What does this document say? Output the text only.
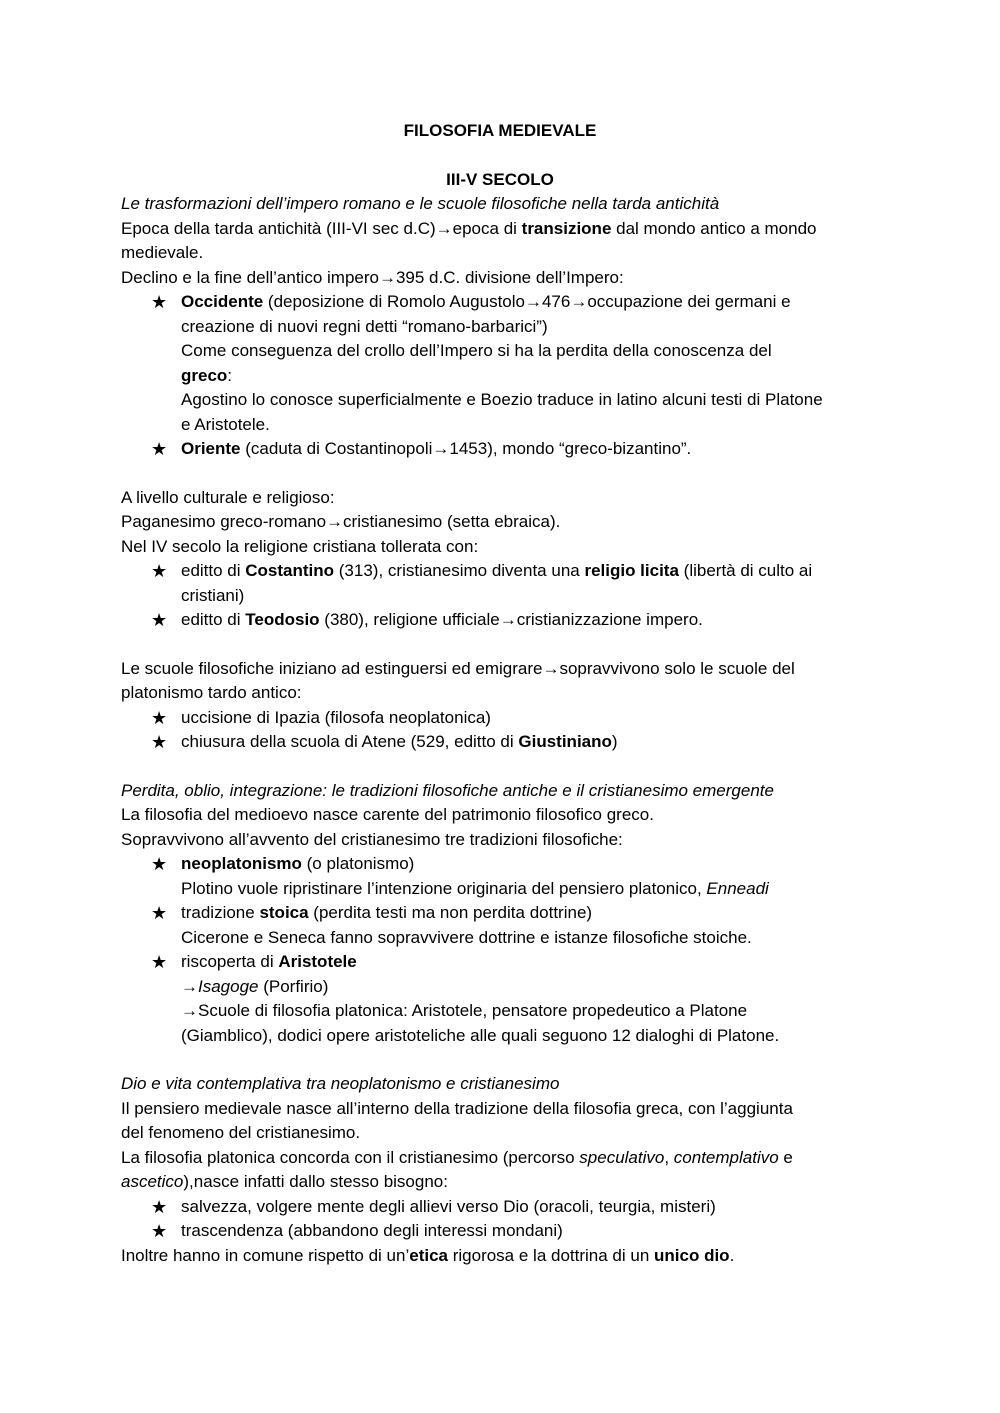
FILOSOFIA MEDIEVALE
III-V SECOLO
Le trasformazioni dell’impero romano e le scuole filosofiche nella tarda antichità
Epoca della tarda antichità (III-VI sec d.C)→epoca di transizione dal mondo antico a mondo
medievale.
Declino e la fine dell’antico impero→395 d.C. divisione dell’Impero:
★ Occidente (deposizione di Romolo Augustolo→476→occupazione dei germani e
creazione di nuovi regni detti “romano-barbarici”)
Come conseguenza del crollo dell’Impero si ha la perdita della conoscenza del
greco:
Agostino lo conosce superficialmente e Boezio traduce in latino alcuni testi di Platone
e Aristotele.
★ Oriente (caduta di Costantinopoli→1453), mondo “greco-bizantino”.
A livello culturale e religioso:
Paganesimo greco-romano→cristianesimo (setta ebraica).
Nel IV secolo la religione cristiana tollerata con:
★ editto di Costantino (313), cristianesimo diventa una religio licita (libertà di culto ai
cristiani)
★ editto di Teodosio (380), religione ufficiale→cristianizzazione impero.
Le scuole filosofiche iniziano ad estinguersi ed emigrare→sopravvivono solo le scuole del
platonismo tardo antico:
★ uccisione di Ipazia (filosofa neoplatonica)
★ chiusura della scuola di Atene (529, editto di Giustiniano)
Perdita, oblio, integrazione: le tradizioni filosofiche antiche e il cristianesimo emergente
La filosofia del medioevo nasce carente del patrimonio filosofico greco.
Sopravvivono all’avvento del cristianesimo tre tradizioni filosofiche:
★ neoplatonismo (o platonismo)
Plotino vuole ripristinare l’intenzione originaria del pensiero platonico, Enneadi
★ tradizione stoica (perdita testi ma non perdita dottrine)
Cicerone e Seneca fanno sopravvivere dottrine e istanze filosofiche stoiche.
★ riscoperta di Aristotele
→Isagoge (Porfirio)
→Scuole di filosofia platonica: Aristotele, pensatore propedeutico a Platone
(Giamblico), dodici opere aristoteliche alle quali seguono 12 dialoghi di Platone.
Dio e vita contemplativa tra neoplatonismo e cristianesimo
Il pensiero medievale nasce all’interno della tradizione della filosofia greca, con l’aggiunta
del fenomeno del cristianesimo.
La filosofia platonica concorda con il cristianesimo (percorso speculativo, contemplativo e
ascetico),nasce infatti dallo stesso bisogno:
★ salvezza, volgere mente degli allievi verso Dio (oracoli, teurgia, misteri)
★ trascendenza (abbandono degli interessi mondani)
Inoltre hanno in comune rispetto di un’etica rigorosa e la dottrina di un unico dio.
